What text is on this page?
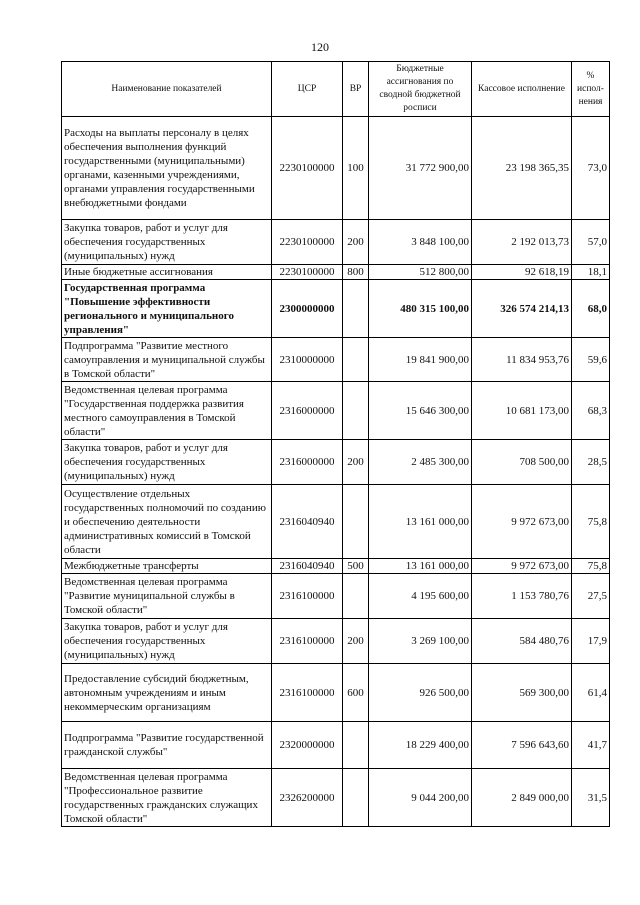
120
Наименование показателей	ЦСР	ВР	Бюджетные ассигнования по сводной бюджетной росписи	Кассовое исполнение	% испол-нения
Расходы на выплаты персоналу в целях обеспечения выполнения функций государственными (муниципальными) органами, казенными учреждениями, органами управления государственными внебюджетными фондами	2230100000	100	31 772 900,00	23 198 365,35	73,0
Закупка товаров, работ и услуг для обеспечения государственных (муниципальных) нужд	2230100000	200	3 848 100,00	2 192 013,73	57,0
Иные бюджетные ассигнования	2230100000	800	512 800,00	92 618,19	18,1
Государственная программа "Повышение эффективности регионального и муниципального управления"	2300000000		480 315 100,00	326 574 214,13	68,0
Подпрограмма "Развитие местного самоуправления и муниципальной службы в Томской области"	2310000000		19 841 900,00	11 834 953,76	59,6
Ведомственная целевая программа "Государственная поддержка развития местного самоуправления в Томской области"	2316000000		15 646 300,00	10 681 173,00	68,3
Закупка товаров, работ и услуг для обеспечения государственных (муниципальных) нужд	2316000000	200	2 485 300,00	708 500,00	28,5
Осуществление отдельных государственных полномочий по созданию и обеспечению деятельности административных комиссий в Томской области	2316040940		13 161 000,00	9 972 673,00	75,8
Межбюджетные трансферты	2316040940	500	13 161 000,00	9 972 673,00	75,8
Ведомственная целевая программа "Развитие муниципальной службы в Томской области"	2316100000		4 195 600,00	1 153 780,76	27,5
Закупка товаров, работ и услуг для обеспечения государственных (муниципальных) нужд	2316100000	200	3 269 100,00	584 480,76	17,9
Предоставление субсидий бюджетным, автономным учреждениям и иным некоммерческим организациям	2316100000	600	926 500,00	569 300,00	61,4
Подпрограмма "Развитие государственной гражданской службы"	2320000000		18 229 400,00	7 596 643,60	41,7
Ведомственная целевая программа "Профессиональное развитие государственных гражданских служащих Томской области"	2326200000		9 044 200,00	2 849 000,00	31,5
